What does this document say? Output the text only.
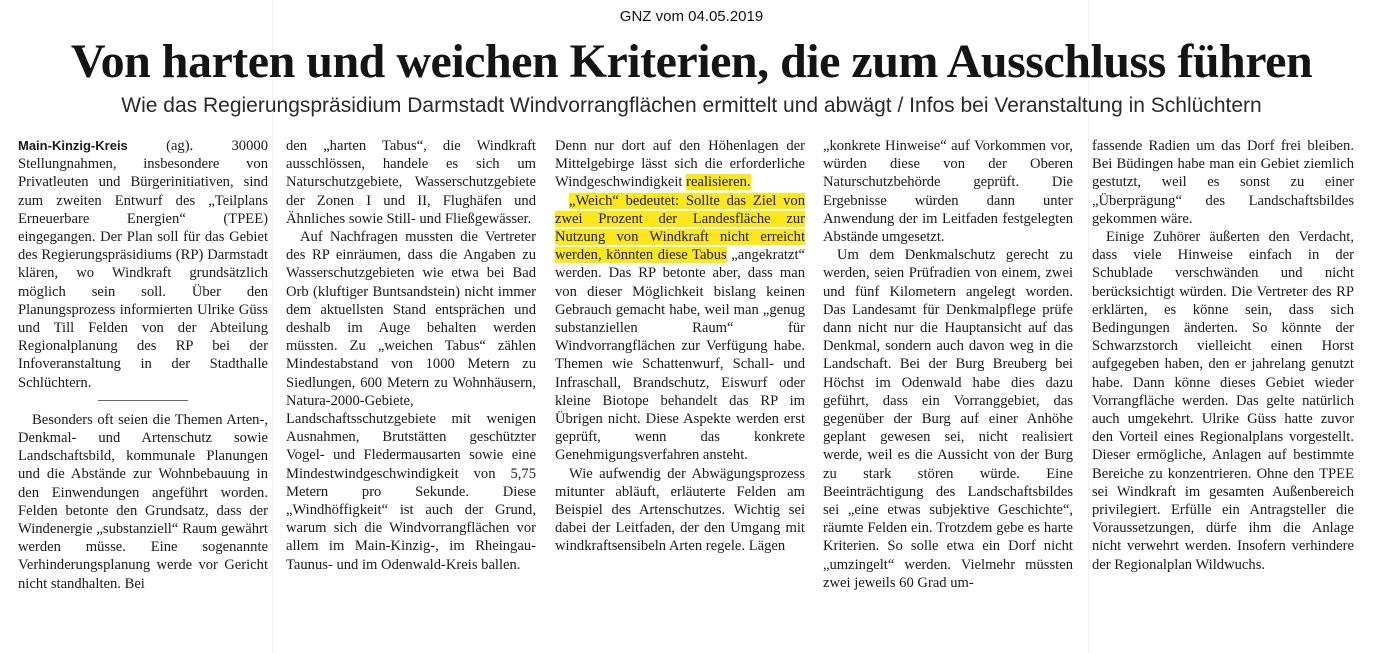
GNZ vom 04.05.2019
Von harten und weichen Kriterien, die zum Ausschluss führen
Wie das Regierungspräsidium Darmstadt Windvorrangflächen ermittelt und abwägt / Infos bei Veranstaltung in Schlüchtern

Main-Kinzig-Kreis (ag). 30000 Stellungnahmen, insbesondere von Privatleuten und Bürgerinitiativen, sind zum zweiten Entwurf des „Teilplans Erneuerbare Energien“ (TPEE) eingegangen. Der Plan soll für das Gebiet des Regierungspräsidiums (RP) Darmstadt klären, wo Windkraft grundsätzlich möglich sein soll. Über den Planungsprozess informierten Ulrike Güss und Till Felden von der Abteilung Regionalplanung des RP bei der Infoveranstaltung in der Stadthalle Schlüchtern.

Besonders oft seien die Themen Arten-, Denkmal- und Artenschutz sowie Landschaftsbild, kommunale Planungen und die Abstände zur Wohnbebauung in den Einwendungen angeführt worden. Felden betonte den Grundsatz, dass der Windenergie „substanziell“ Raum gewährt werden müsse. Eine sogenannte Verhinderungsplanung werde vor Gericht nicht standhalten. Bei

den „harten Tabus“, die Windkraft ausschlössen, handele es sich um Naturschutzgebiete, Wasserschutzgebiete der Zonen I und II, Flughäfen und Ähnliches sowie Still- und Fließgewässer.

Auf Nachfragen mussten die Vertreter des RP einräumen, dass die Angaben zu Wasserschutzgebieten wie etwa bei Bad Orb (kluftiger Buntsandstein) nicht immer dem aktuellsten Stand entsprächen und deshalb im Auge behalten werden müssten. Zu „weichen Tabus“ zählen Mindestabstand von 1000 Metern zu Siedlungen, 600 Metern zu Wohnhäusern, Natura-2000-Gebiete, Landschaftsschutzgebiete mit wenigen Ausnahmen, Brutstätten geschützter Vogel- und Fledermausarten sowie eine Mindestwindgeschwindigkeit von 5,75 Metern pro Sekunde. Diese „Windhöffigkeit“ ist auch der Grund, warum sich die Windvorrangflächen vor allem im Main-Kinzig-, im Rheingau-Taunus- und im Odenwald-Kreis ballen.

Denn nur dort auf den Höhenlagen der Mittelgebirge lässt sich die erforderliche Windgeschwindigkeit realisieren.

„Weich“ bedeutet: Sollte das Ziel von zwei Prozent der Landesfläche zur Nutzung von Windkraft nicht erreicht werden, könnten diese Tabus „angekratzt“ werden. Das RP betonte aber, dass man von dieser Möglichkeit bislang keinen Gebrauch gemacht habe, weil man „genug substanziellen Raum“ für Windvorrangflächen zur Verfügung habe. Themen wie Schattenwurf, Schall- und Infraschall, Brandschutz, Eiswurf oder kleine Biotope behandelt das RP im Übrigen nicht. Diese Aspekte werden erst geprüft, wenn das konkrete Genehmigungsverfahren ansteht.

Wie aufwendig der Abwägungsprozess mitunter abläuft, erläuterte Felden am Beispiel des Artenschutzes. Wichtig sei dabei der Leitfaden, der den Umgang mit windkraftsensibeln Arten regele. Lägen

„konkrete Hinweise“ auf Vorkommen vor, würden diese von der Oberen Naturschutzbehörde geprüft. Die Ergebnisse würden dann unter Anwendung der im Leitfaden festgelegten Abstände umgesetzt.

Um dem Denkmalschutz gerecht zu werden, seien Prüfradien von einem, zwei und fünf Kilometern angelegt worden. Das Landesamt für Denkmalpflege prüfe dann nicht nur die Hauptansicht auf das Denkmal, sondern auch davon weg in die Landschaft. Bei der Burg Breuberg bei Höchst im Odenwald habe dies dazu geführt, dass ein Vorranggebiet, das gegenüber der Burg auf einer Anhöhe geplant gewesen sei, nicht realisiert werde, weil es die Aussicht von der Burg zu stark stören würde. Eine Beeinträchtigung des Landschaftsbildes sei „eine etwas subjektive Geschichte“, räumte Felden ein. Trotzdem gebe es harte Kriterien. So solle etwa ein Dorf nicht „umzingelt“ werden. Vielmehr müssten zwei jeweils 60 Grad um-

fassende Radien um das Dorf frei bleiben. Bei Büdingen habe man ein Gebiet ziemlich gestutzt, weil es sonst zu einer „Überprägung“ des Landschaftsbildes gekommen wäre.

Einige Zuhörer äußerten den Verdacht, dass viele Hinweise einfach in der Schublade verschwänden und nicht berücksichtigt würden. Die Vertreter des RP erklärten, es könne sein, dass sich Bedingungen änderten. So könnte der Schwarzstorch vielleicht einen Horst aufgegeben haben, den er jahrelang genutzt habe. Dann könne dieses Gebiet wieder Vorrangfläche werden. Das gelte natürlich auch umgekehrt. Ulrike Güss hatte zuvor den Vorteil eines Regionalplans vorgestellt. Dieser ermögliche, Anlagen auf bestimmte Bereiche zu konzentrieren. Ohne den TPEE sei Windkraft im gesamten Außenbereich privilegiert. Erfülle ein Antragsteller die Voraussetzungen, dürfe ihm die Anlage nicht verwehrt werden. Insofern verhindere der Regionalplan Wildwuchs.
